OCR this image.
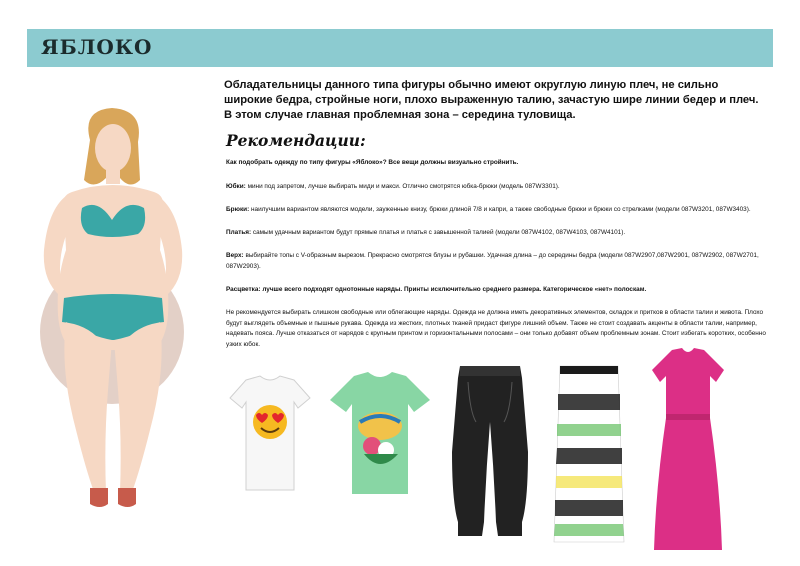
ЯБЛОКО
Обладательницы данного типа фигуры обычно имеют округлую линую плеч, не сильно широкие бедра, стройные ноги, плохо выраженную талию, зачастую шире линии бедер и плеч. В этом случае главная проблемная зона – середина туловища.
Рекомендации:
Как подобрать одежду по типу фигуры «Яблоко»? Все вещи должны визуально стройнить.
Юбки: мини под запретом, лучше выбирать миди и макси. Отлично смотрятся юбка-брюки (модель 087W3301).
Брюки: наилучшим вариантом являются модели, зауженные книзу, брюки длиной 7/8 и капри, а также свободные брюки и брюки со стрелками (модели 087W3201, 087W3403).
Платья: самым удачным вариантом будут прямые платья и платья с завышенной талией (модели 087W4102, 087W4103, 087W4101).
Верх: выбирайте топы с V-образным вырезом. Прекрасно смотрятся блузы и рубашки. Удачная длина – до середины бедра (модели 087W2907,087W2901, 087W2902, 087W2701, 087W2903).
Расцветка: лучше всего подходят однотонные наряды. Принты исключительно среднего размера. Категорическое «нет» полоскам.
Не рекомендуется выбирать слишком свободные или облегающие наряды. Одежда не должна иметь декоративных элементов, складок и притков в области талии и живота. Плохо будут выглядеть объемные и пышные рукава. Одежда из жестких, плотных тканей придаст фигуре лишний объем. Также не стоит создавать акценты в области талии, например, надевать пояса. Лучше отказаться от нарядов с крупным принтом и горизонтальными полосами – они только добавят объем проблемным зонам. Стоит избегать коротких, особенно узких юбок.
